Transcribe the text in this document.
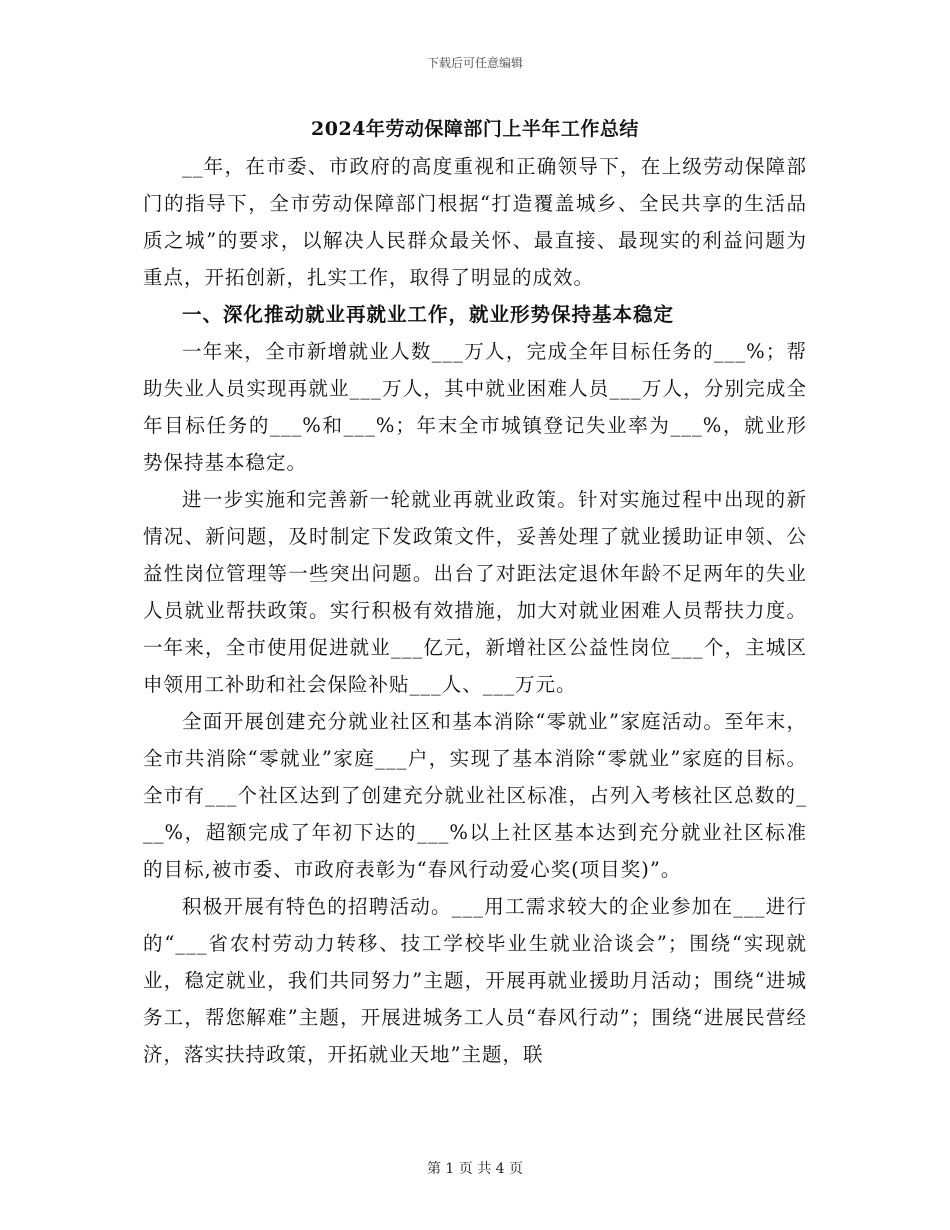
下载后可任意编辑
2024年劳动保障部门上半年工作总结

__年，在市委、市政府的高度重视和正确领导下，在上级劳动保障部门的指导下，全市劳动保障部门根据“打造覆盖城乡、全民共享的生活品质之城”的要求，以解决人民群众最关怀、最直接、最现实的利益问题为重点，开拓创新，扎实工作，取得了明显的成效。

一、深化推动就业再就业工作，就业形势保持基本稳定

一年来，全市新增就业人数___万人，完成全年目标任务的___%；帮助失业人员实现再就业___万人，其中就业困难人员___万人，分别完成全年目标任务的___%和___%；年末全市城镇登记失业率为___%，就业形势保持基本稳定。

进一步实施和完善新一轮就业再就业政策。针对实施过程中出现的新情况、新问题，及时制定下发政策文件，妥善处理了就业援助证申领、公益性岗位管理等一些突出问题。出台了对距法定退休年龄不足两年的失业人员就业帮扶政策。实行积极有效措施，加大对就业困难人员帮扶力度。一年来，全市使用促进就业___亿元，新增社区公益性岗位___个，主城区申领用工补助和社会保险补贴___人、___万元。

全面开展创建充分就业社区和基本消除“零就业”家庭活动。至年末，全市共消除“零就业”家庭___户，实现了基本消除“零就业”家庭的目标。全市有___个社区达到了创建充分就业社区标准，占列入考核社区总数的___%，超额完成了年初下达的___%以上社区基本达到充分就业社区标准的目标,被市委、市政府表彰为“春风行动爱心奖(项目奖)”。

积极开展有特色的招聘活动。___用工需求较大的企业参加在___进行的“___省农村劳动力转移、技工学校毕业生就业洽谈会”；围绕“实现就业，稳定就业，我们共同努力”主题，开展再就业援助月活动；围绕“进城务工，帮您解难”主题，开展进城务工人员“春风行动”；围绕“进展民营经济，落实扶持政策，开拓就业天地”主题，联

第 1 页 共 4 页
